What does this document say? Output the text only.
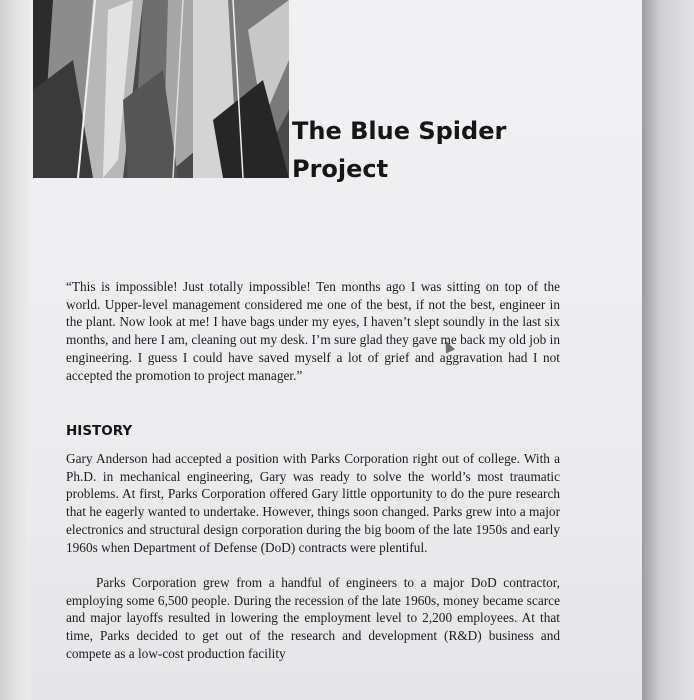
The Blue Spider
Project

“This is impossible! Just totally impossible! Ten months ago I was sitting on top of the world. Upper-level management considered me one of the best, if not the best, engineer in the plant. Now look at me! I have bags under my eyes, I haven’t slept soundly in the last six months, and here I am, cleaning out my desk. I’m sure glad they gave me back my old job in engineering. I guess I could have saved myself a lot of grief and aggravation had I not accepted the promotion to project manager.”

HISTORY

Gary Anderson had accepted a position with Parks Corporation right out of college. With a Ph.D. in mechanical engineering, Gary was ready to solve the world’s most traumatic problems. At first, Parks Corporation offered Gary little opportunity to do the pure research that he eagerly wanted to undertake. However, things soon changed. Parks grew into a major electronics and structural design corporation during the big boom of the late 1950s and early 1960s when Department of Defense (DoD) contracts were plentiful.

Parks Corporation grew from a handful of engineers to a major DoD contractor, employing some 6,500 people. During the recession of the late 1960s, money became scarce and major layoffs resulted in lowering the employment level to 2,200 employees. At that time, Parks decided to get out of the research and development (R&D) business and compete as a low-cost production facility
